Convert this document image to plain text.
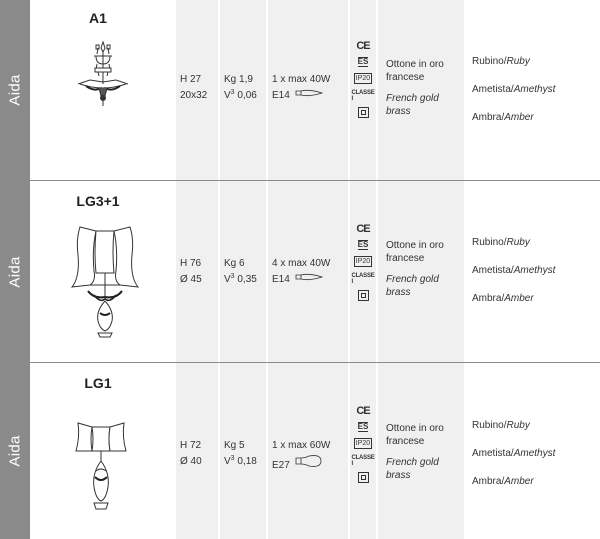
Aida
A1
H 27
20x32
Kg 1,9
$V^3$ 0,06
1 x max 40W
E14
CE
ES
IP20
CLASSE I
Ottone in oro
francese
French gold
brass
Rubino/Ruby
Ametista/Amethyst
Ambra/Amber
Aida
LG3+1
H 76
Ø 45
Kg 6
$V^3$ 0,35
4 x max 40W
E14
CE
ES
IP20
CLASSE I
Ottone in oro
francese
French gold
brass
Rubino/Ruby
Ametista/Amethyst
Ambra/Amber
Aida
LG1
H 72
Ø 40
Kg 5
$V^3$ 0,18
1 x max 60W
E27
CE
ES
IP20
CLASSE I
Ottone in oro
francese
French gold
brass
Rubino/Ruby
Ametista/Amethyst
Ambra/Amber
